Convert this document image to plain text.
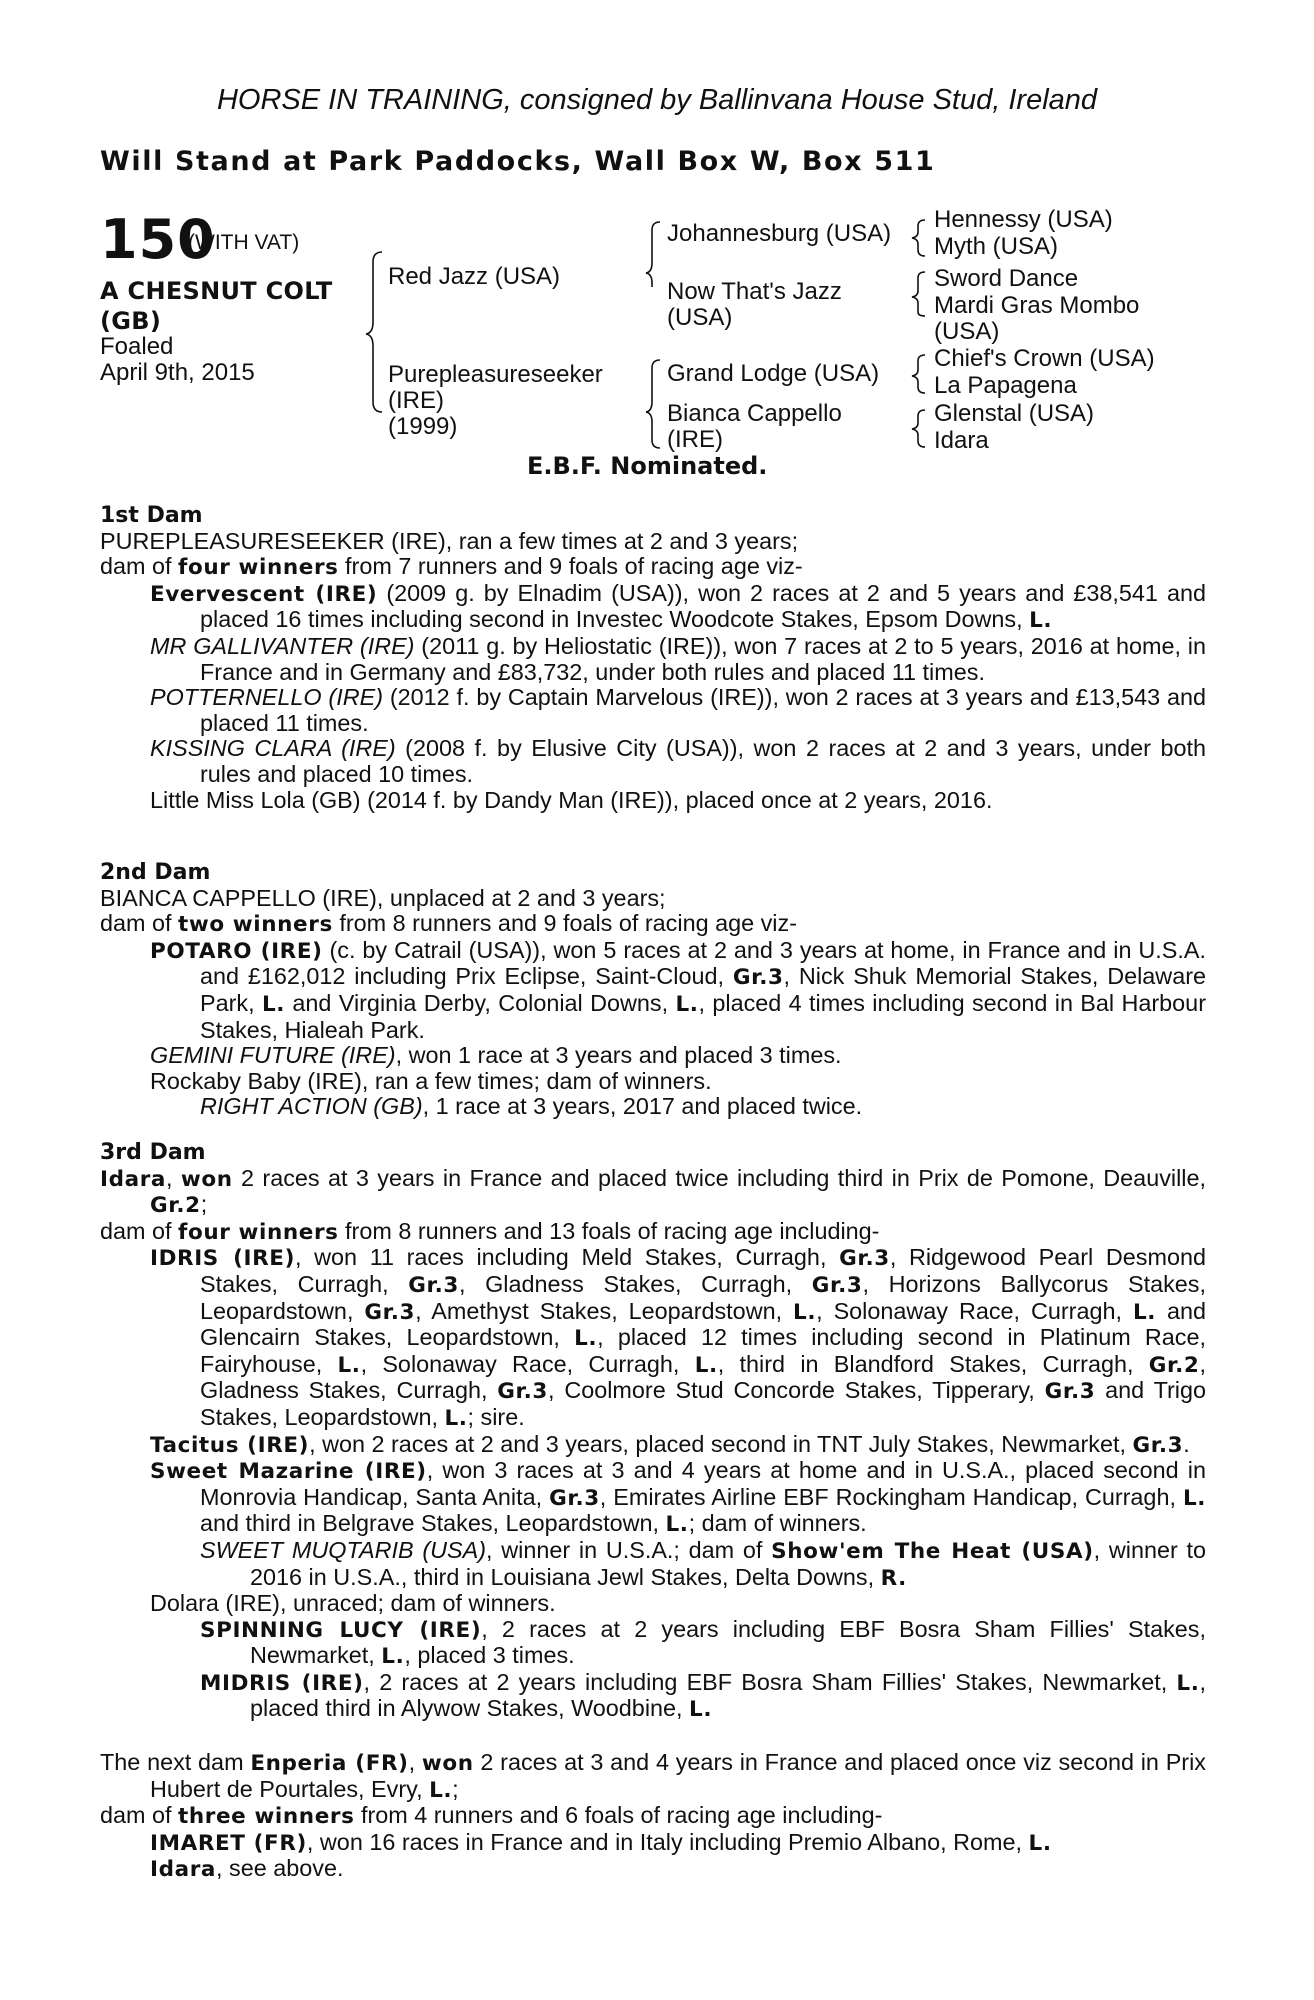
HORSE IN TRAINING, consigned by Ballinvana House Stud, Ireland
Will Stand at Park Paddocks, Wall Box W, Box 511
150
(WITH VAT)
A CHESNUT COLT (GB)
Foaled
April 9th, 2015
Red Jazz (USA)
Purepleasureseeker
(IRE)
(1999)
Johannesburg (USA)
Now That's Jazz
(USA)
Grand Lodge (USA)
Bianca Cappello
(IRE)
Hennessy (USA)
Myth (USA)
Sword Dance
Mardi Gras Mombo
(USA)
Chief's Crown (USA)
La Papagena
Glenstal (USA)
Idara
E.B.F. Nominated.
1st Dam
PUREPLEASURESEEKER (IRE), ran a few times at 2 and 3 years;
dam of four winners from 7 runners and 9 foals of racing age viz-
Evervescent (IRE) (2009 g. by Elnadim (USA)), won 2 races at 2 and 5 years and £38,541 and placed 16 times including second in Investec Woodcote Stakes, Epsom Downs, L.
MR GALLIVANTER (IRE) (2011 g. by Heliostatic (IRE)), won 7 races at 2 to 5 years, 2016 at home, in France and in Germany and £83,732, under both rules and placed 11 times.
POTTERNELLO (IRE) (2012 f. by Captain Marvelous (IRE)), won 2 races at 3 years and £13,543 and placed 11 times.
KISSING CLARA (IRE) (2008 f. by Elusive City (USA)), won 2 races at 2 and 3 years, under both rules and placed 10 times.
Little Miss Lola (GB) (2014 f. by Dandy Man (IRE)), placed once at 2 years, 2016.
2nd Dam
BIANCA CAPPELLO (IRE), unplaced at 2 and 3 years;
dam of two winners from 8 runners and 9 foals of racing age viz-
POTARO (IRE) (c. by Catrail (USA)), won 5 races at 2 and 3 years at home, in France and in U.S.A. and £162,012 including Prix Eclipse, Saint-Cloud, Gr.3, Nick Shuk Memorial Stakes, Delaware Park, L. and Virginia Derby, Colonial Downs, L., placed 4 times including second in Bal Harbour Stakes, Hialeah Park.
GEMINI FUTURE (IRE), won 1 race at 3 years and placed 3 times.
Rockaby Baby (IRE), ran a few times; dam of winners.
RIGHT ACTION (GB), 1 race at 3 years, 2017 and placed twice.
3rd Dam
Idara, won 2 races at 3 years in France and placed twice including third in Prix de Pomone, Deauville, Gr.2;
dam of four winners from 8 runners and 13 foals of racing age including-
IDRIS (IRE), won 11 races including Meld Stakes, Curragh, Gr.3, Ridgewood Pearl Desmond Stakes, Curragh, Gr.3, Gladness Stakes, Curragh, Gr.3, Horizons Ballycorus Stakes, Leopardstown, Gr.3, Amethyst Stakes, Leopardstown, L., Solonaway Race, Curragh, L. and Glencairn Stakes, Leopardstown, L., placed 12 times including second in Platinum Race, Fairyhouse, L., Solonaway Race, Curragh, L., third in Blandford Stakes, Curragh, Gr.2, Gladness Stakes, Curragh, Gr.3, Coolmore Stud Concorde Stakes, Tipperary, Gr.3 and Trigo Stakes, Leopardstown, L.; sire.
Tacitus (IRE), won 2 races at 2 and 3 years, placed second in TNT July Stakes, Newmarket, Gr.3.
Sweet Mazarine (IRE), won 3 races at 3 and 4 years at home and in U.S.A., placed second in Monrovia Handicap, Santa Anita, Gr.3, Emirates Airline EBF Rockingham Handicap, Curragh, L. and third in Belgrave Stakes, Leopardstown, L.; dam of winners.
SWEET MUQTARIB (USA), winner in U.S.A.; dam of Show'em The Heat (USA), winner to 2016 in U.S.A., third in Louisiana Jewl Stakes, Delta Downs, R.
Dolara (IRE), unraced; dam of winners.
SPINNING LUCY (IRE), 2 races at 2 years including EBF Bosra Sham Fillies' Stakes, Newmarket, L., placed 3 times.
MIDRIS (IRE), 2 races at 2 years including EBF Bosra Sham Fillies' Stakes, Newmarket, L., placed third in Alywow Stakes, Woodbine, L.
The next dam Enperia (FR), won 2 races at 3 and 4 years in France and placed once viz second in Prix Hubert de Pourtales, Evry, L.;
dam of three winners from 4 runners and 6 foals of racing age including-
IMARET (FR), won 16 races in France and in Italy including Premio Albano, Rome, L.
Idara, see above.
